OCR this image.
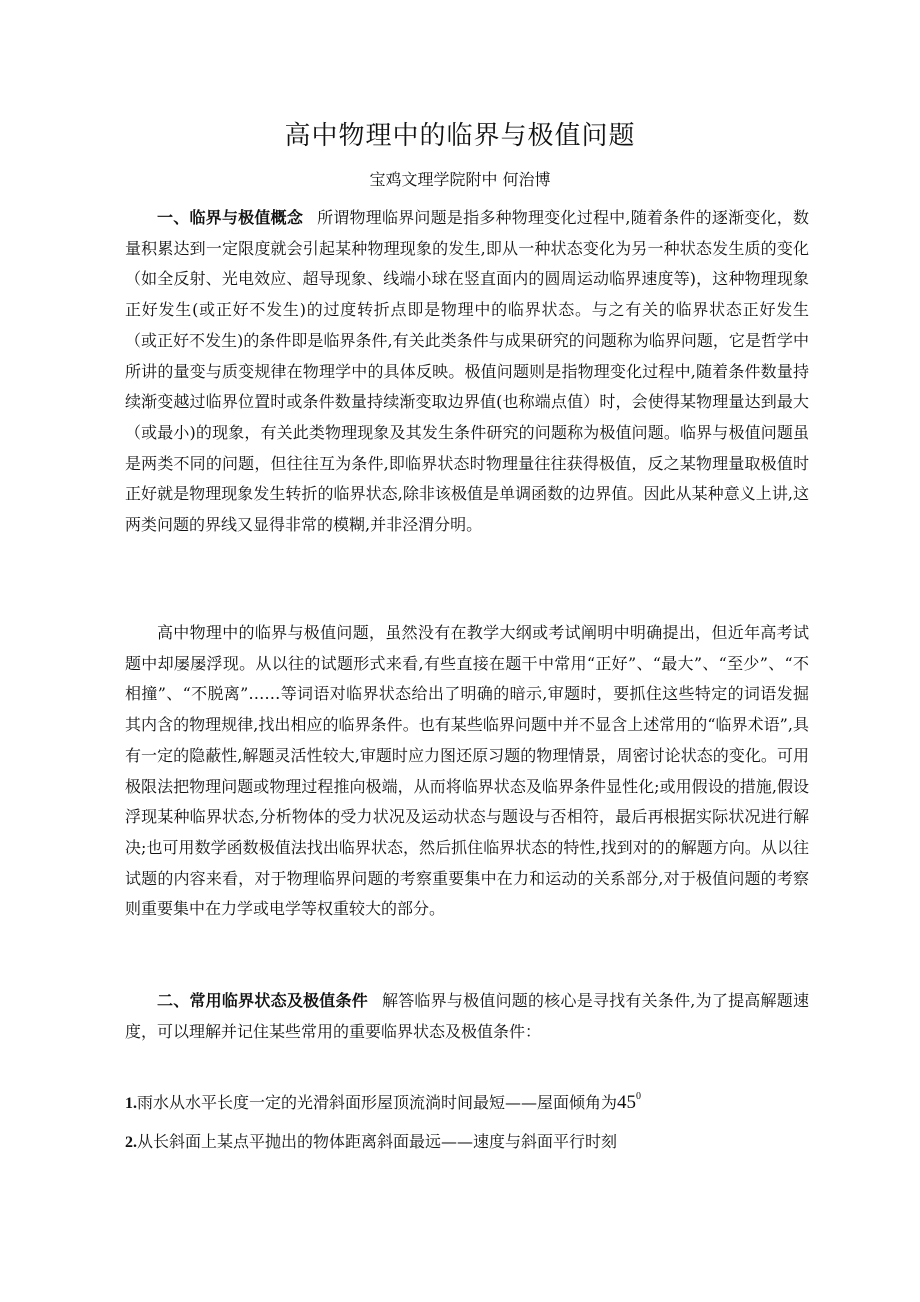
高中物理中的临界与极值问题

宝鸡文理学院附中 何治博

一、临界与极值概念 所谓物理临界问题是指多种物理变化过程中,随着条件的逐渐变化，数量积累达到一定限度就会引起某种物理现象的发生,即从一种状态变化为另一种状态发生质的变化（如全反射、光电效应、超导现象、线端小球在竖直面内的圆周运动临界速度等)，这种物理现象正好发生(或正好不发生)的过度转折点即是物理中的临界状态。与之有关的临界状态正好发生（或正好不发生)的条件即是临界条件,有关此类条件与成果研究的问题称为临界问题，它是哲学中所讲的量变与质变规律在物理学中的具体反映。极值问题则是指物理变化过程中,随着条件数量持续渐变越过临界位置时或条件数量持续渐变取边界值(也称端点值）时，会使得某物理量达到最大（或最小)的现象，有关此类物理现象及其发生条件研究的问题称为极值问题。临界与极值问题虽是两类不同的问题，但往往互为条件,即临界状态时物理量往往获得极值，反之某物理量取极值时正好就是物理现象发生转折的临界状态,除非该极值是单调函数的边界值。因此从某种意义上讲,这两类问题的界线又显得非常的模糊,并非泾渭分明。

高中物理中的临界与极值问题，虽然没有在教学大纲或考试阐明中明确提出，但近年高考试题中却屡屡浮现。从以往的试题形式来看,有些直接在题干中常用“正好”、“最大”、“至少”、“不相撞”、“不脱离”……等词语对临界状态给出了明确的暗示,审题时，要抓住这些特定的词语发掘其内含的物理规律,找出相应的临界条件。也有某些临界问题中并不显含上述常用的“临界术语”,具有一定的隐蔽性,解题灵活性较大,审题时应力图还原习题的物理情景，周密讨论状态的变化。可用极限法把物理问题或物理过程推向极端，从而将临界状态及临界条件显性化;或用假设的措施,假设浮现某种临界状态,分析物体的受力状况及运动状态与题设与否相符，最后再根据实际状况进行解决;也可用数学函数极值法找出临界状态，然后抓住临界状态的特性,找到对的的解题方向。从以往试题的内容来看，对于物理临界问题的考察重要集中在力和运动的关系部分,对于极值问题的考察则重要集中在力学或电学等权重较大的部分。

二、常用临界状态及极值条件 解答临界与极值问题的核心是寻找有关条件,为了提高解题速度，可以理解并记住某些常用的重要临界状态及极值条件：

1.雨水从水平长度一定的光滑斜面形屋顶流淌时间最短——屋面倾角为$45^0$

2.从长斜面上某点平抛出的物体距离斜面最远——速度与斜面平行时刻
